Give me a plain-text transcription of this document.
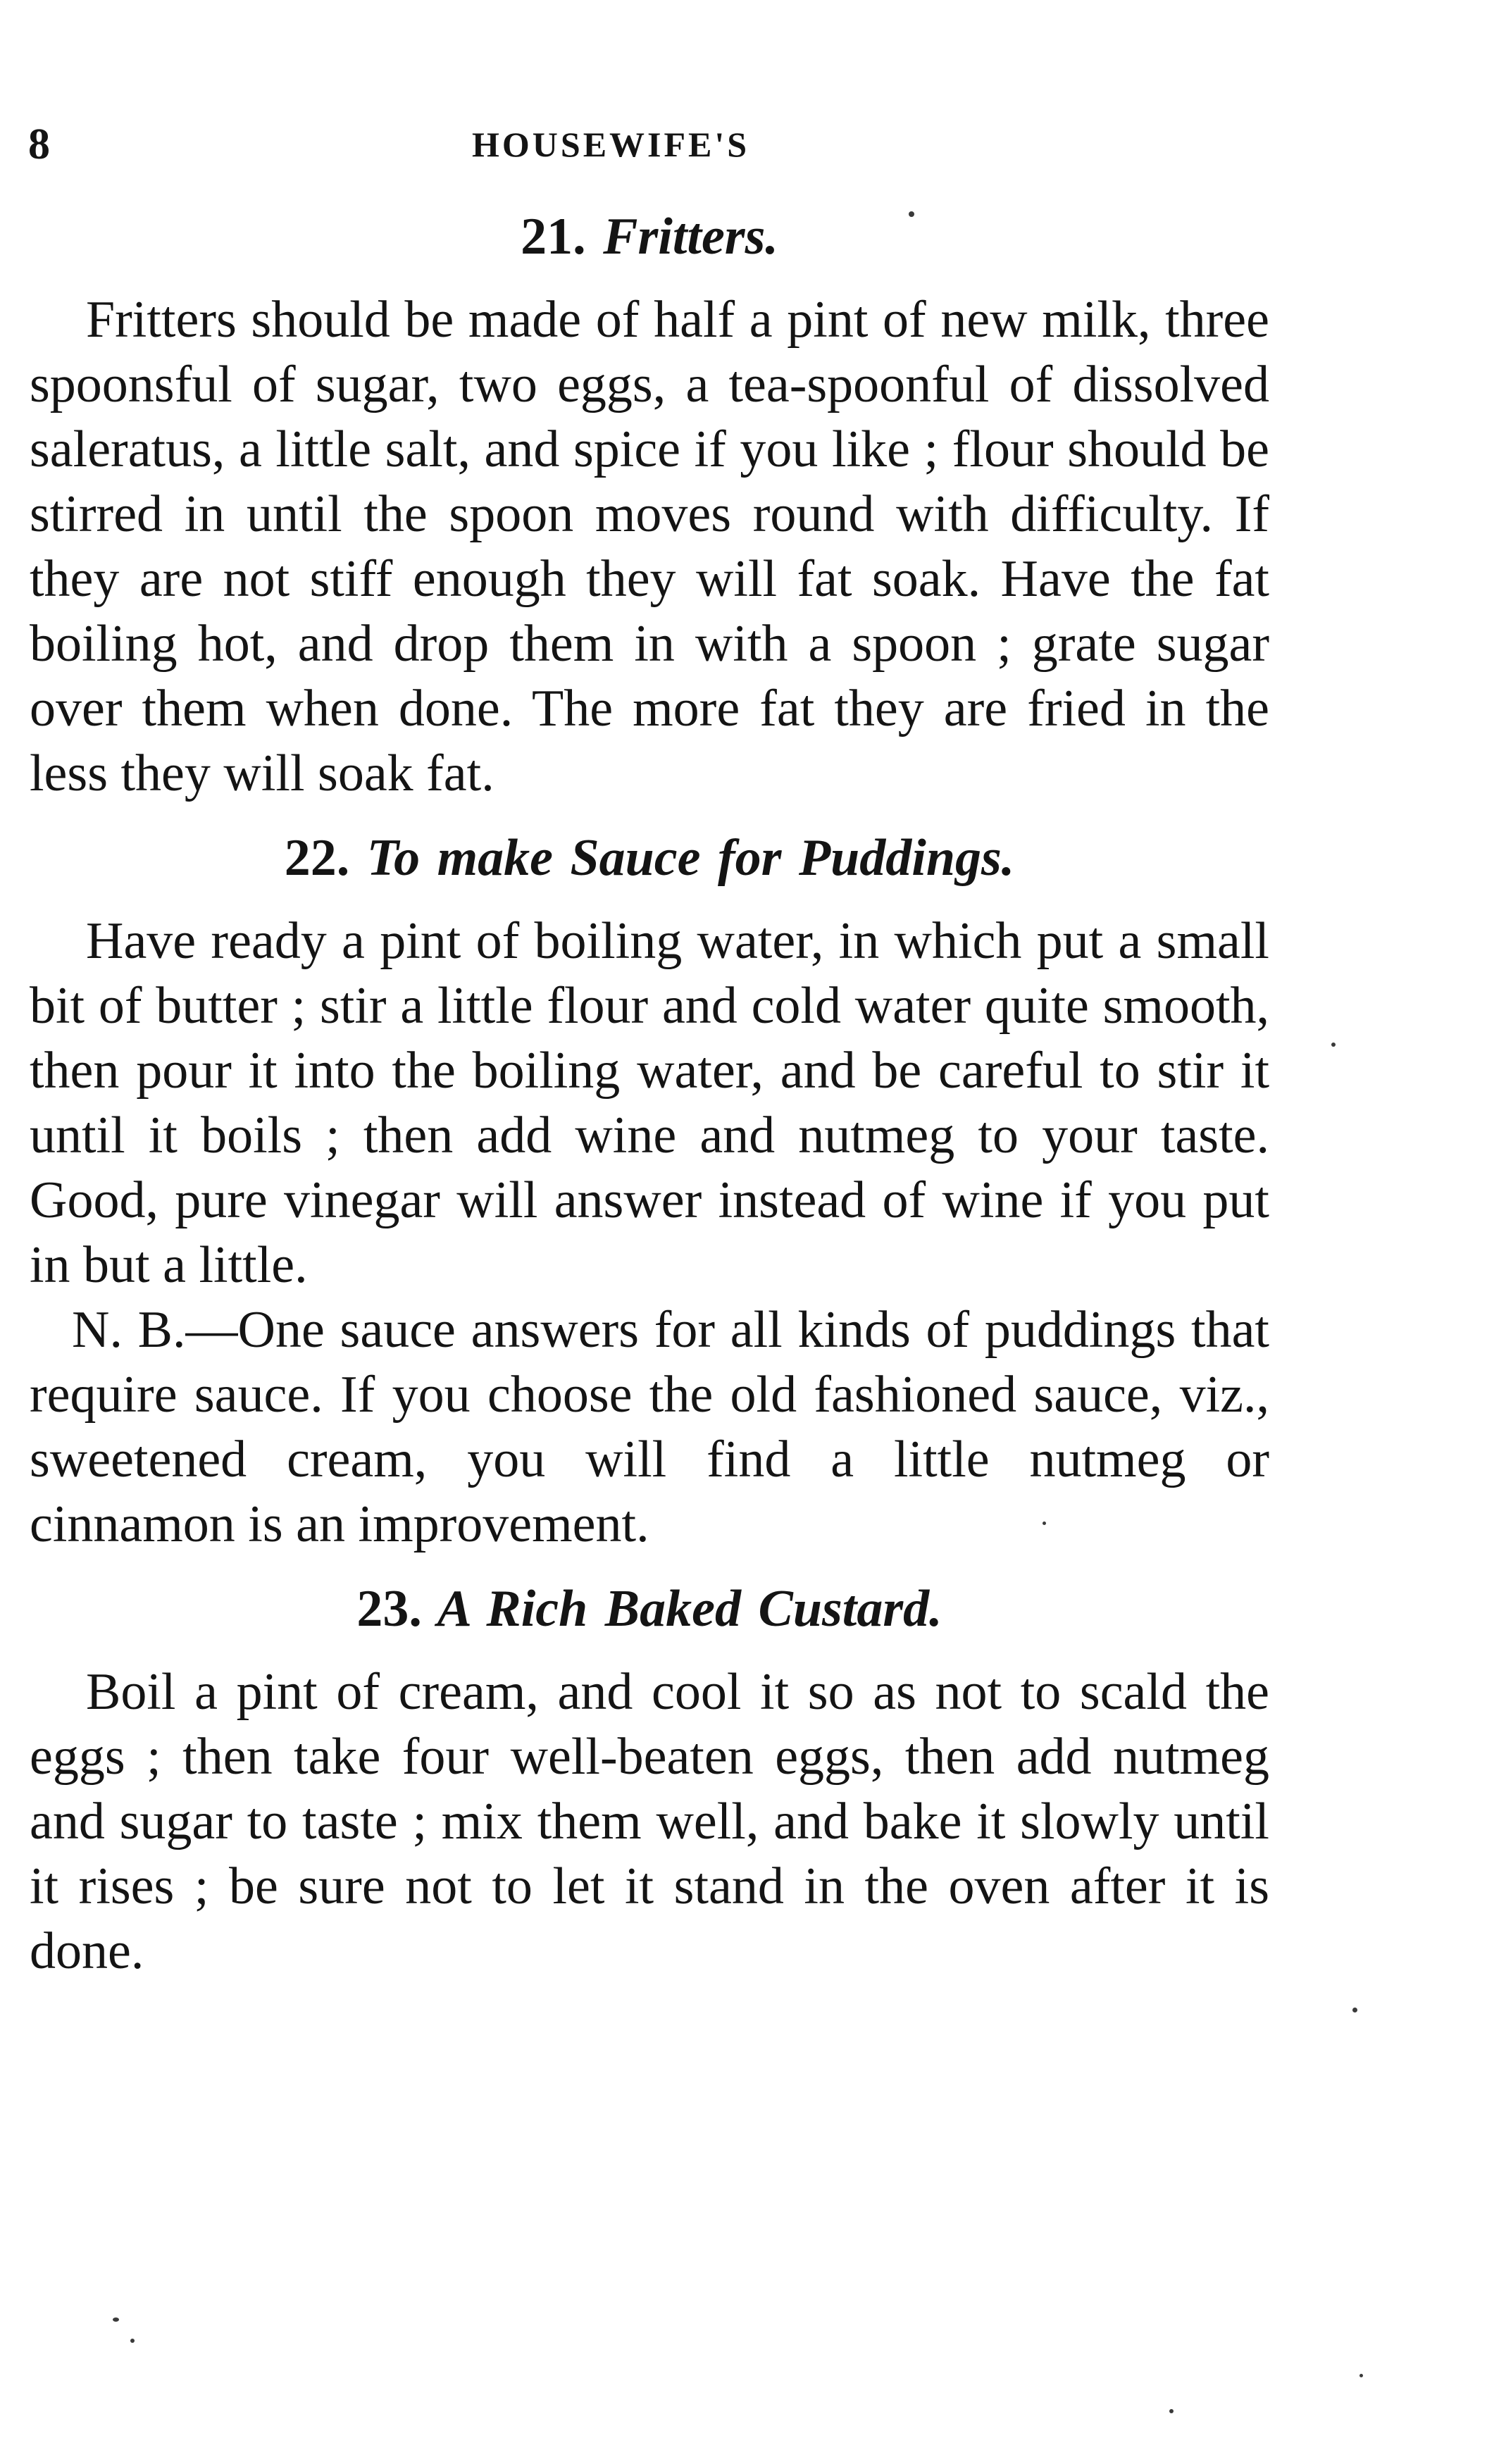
8	HOUSEWIFE'S
21. Fritters.

Fritters should be made of half a pint of new milk, three spoonsful of sugar, two eggs, a tea-spoonful of dissolved saleratus, a little salt, and spice if you like ; flour should be stirred in until the spoon moves round with difficulty. If they are not stiff enough they will fat soak. Have the fat boiling hot, and drop them in with a spoon ; grate sugar over them when done. The more fat they are fried in the less they will soak fat.

22. To make Sauce for Puddings.

Have ready a pint of boiling water, in which put a small bit of butter ; stir a little flour and cold water quite smooth, then pour it into the boiling water, and be careful to stir it until it boils ; then add wine and nutmeg to your taste. Good, pure vinegar will answer instead of wine if you put in but a little.

N. B.—One sauce answers for all kinds of puddings that require sauce. If you choose the old fashioned sauce, viz., sweetened cream, you will find a little nutmeg or cinnamon is an improvement.

23. A Rich Baked Custard.

Boil a pint of cream, and cool it so as not to scald the eggs ; then take four well-beaten eggs, then add nutmeg and sugar to taste ; mix them well, and bake it slowly until it rises ; be sure not to let it stand in the oven after it is done.
